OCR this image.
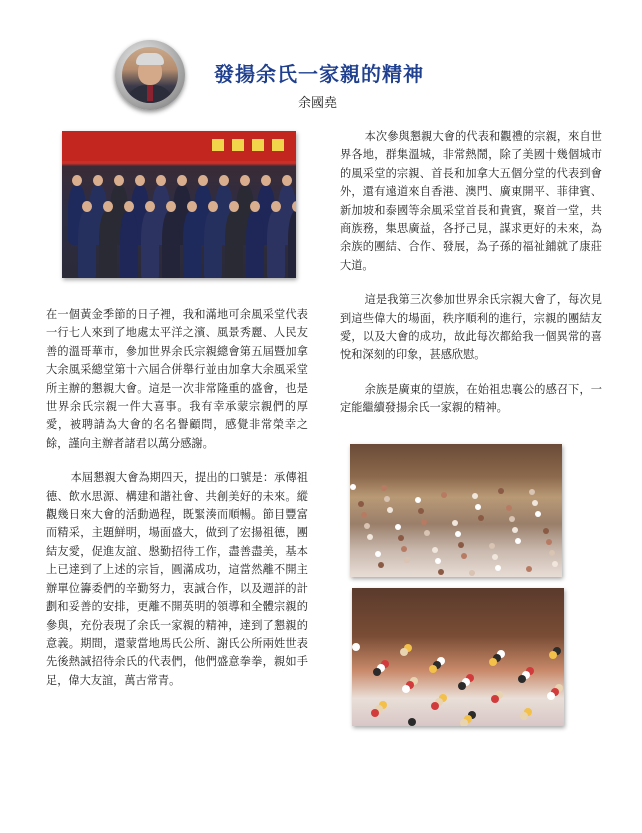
發揚余氏一家親的精神
余國堯

在一個黃金季節的日子裡，我和滿地可余風采堂代表一行七人來到了地處太平洋之濱、風景秀麗、人民友善的溫哥華市，參加世界余氏宗親總會第五屆暨加拿大余風采總堂第十六屆合併舉行並由加拿大余風采堂所主辦的懇親大會。這是一次非常隆重的盛會，也是世界余氏宗親一件大喜事。我有幸承蒙宗親們的厚愛，被聘請為大會的名名譽顧問，感覺非常榮幸之餘，謹向主辦者諸君以萬分感謝。

本屆懇親大會為期四天，提出的口號是：承傳祖德、飲水思源、構建和諧社會、共創美好的未來。縱觀幾日來大會的活動過程，既緊湊而順暢。節目豐富而精采，主題鮮明，場面盛大，做到了宏揚祖德，團結友愛，促進友誼、慇勤招待工作，盡善盡美，基本上已達到了上述的宗旨，圓滿成功，這當然離不開主辦單位籌委們的辛勤努力，衷誠合作，以及週詳的計劃和妥善的安排，更離不開英明的領導和全體宗親的參與，充份表現了余氏一家親的精神，達到了懇親的意義。期間，還蒙當地馬氏公所、謝氏公所兩姓世表先後熱誠招待余氏的代表們，他們盛意拳拳，親如手足，偉大友誼，萬古常青。

本次參與懇親大會的代表和觀禮的宗親，來自世界各地，群集溫城，非常熱鬧，除了美國十幾個城市的風采堂的宗親、首長和加拿大五個分堂的代表到會外，還有遠道來自香港、澳門、廣東開平、菲律賓、新加坡和泰國等余風采堂首長和貴賓，聚首一堂，共商族務，集思廣益，各抒己見，謀求更好的未來，為余族的團結、合作、發展，為子孫的福祉鋪就了康莊大道。

這是我第三次參加世界余氏宗親大會了，每次見到這些偉大的場面，秩序順利的進行，宗親的團結友愛，以及大會的成功，故此每次都給我一個異常的喜悅和深刻的印象，甚感欣慰。

余族是廣東的望族，在始祖忠襄公的感召下，一定能繼續發揚余氏一家親的精神。
